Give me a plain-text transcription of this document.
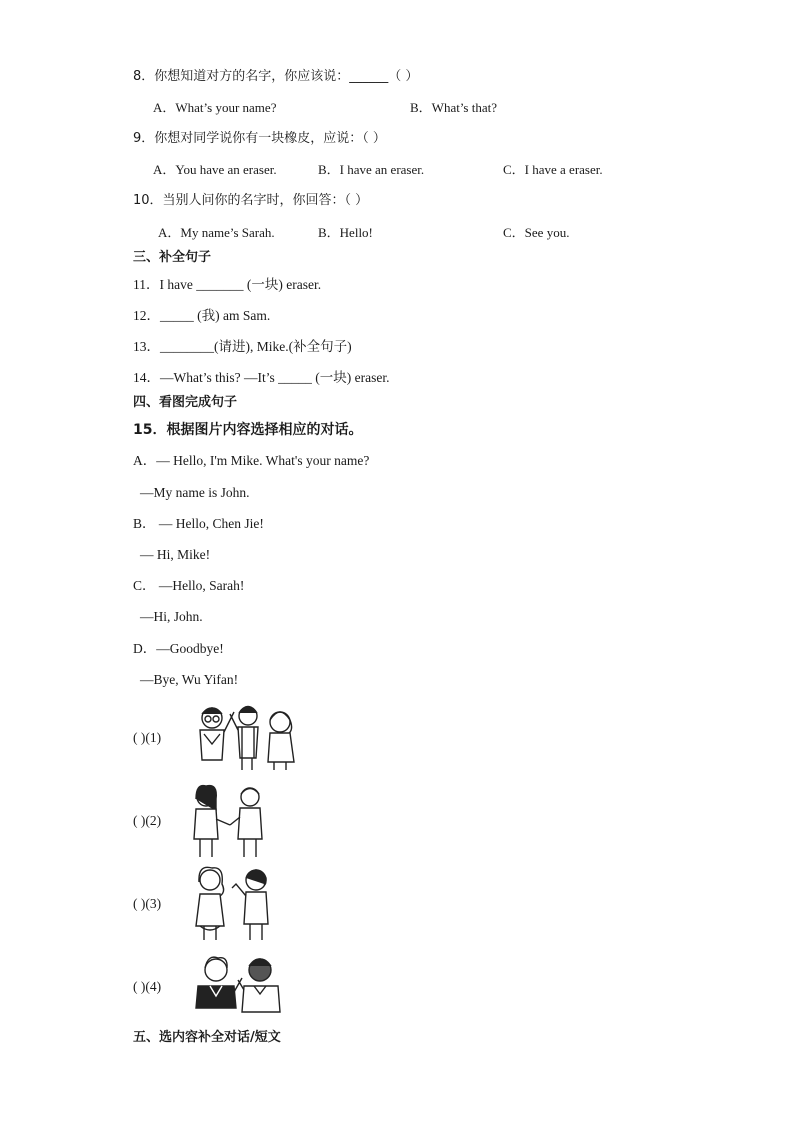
8．你想知道对方的名字，你应该说：______（ ）
A．What’s your name?	B．What’s that?
9．你想对同学说你有一块橡皮，应说：（ ）
A．You have an eraser.	B．I have an eraser.	C．I have a eraser.
10．当别人问你的名字时，你回答：（ ）
A．My name’s Sarah.	B．Hello!	C．See you.
三、补全句子
11．I have _______ (一块) eraser.
12．_____ (我) am Sam.
13．________(请进), Mike.(补全句子)
14．—What’s this? —It’s _____ (一块) eraser.
四、看图完成句子
15．根据图片内容选择相应的对话。
A．— Hello, I'm Mike. What's your name?
—My name is John.
B． — Hello, Chen Jie!
— Hi, Mike!
C． —Hello, Sarah!
—Hi, John.
D．—Goodbye!
—Bye, Wu Yifan!
( )(1)
( )(2)
( )(3)
( )(4)
五、选内容补全对话/短文
